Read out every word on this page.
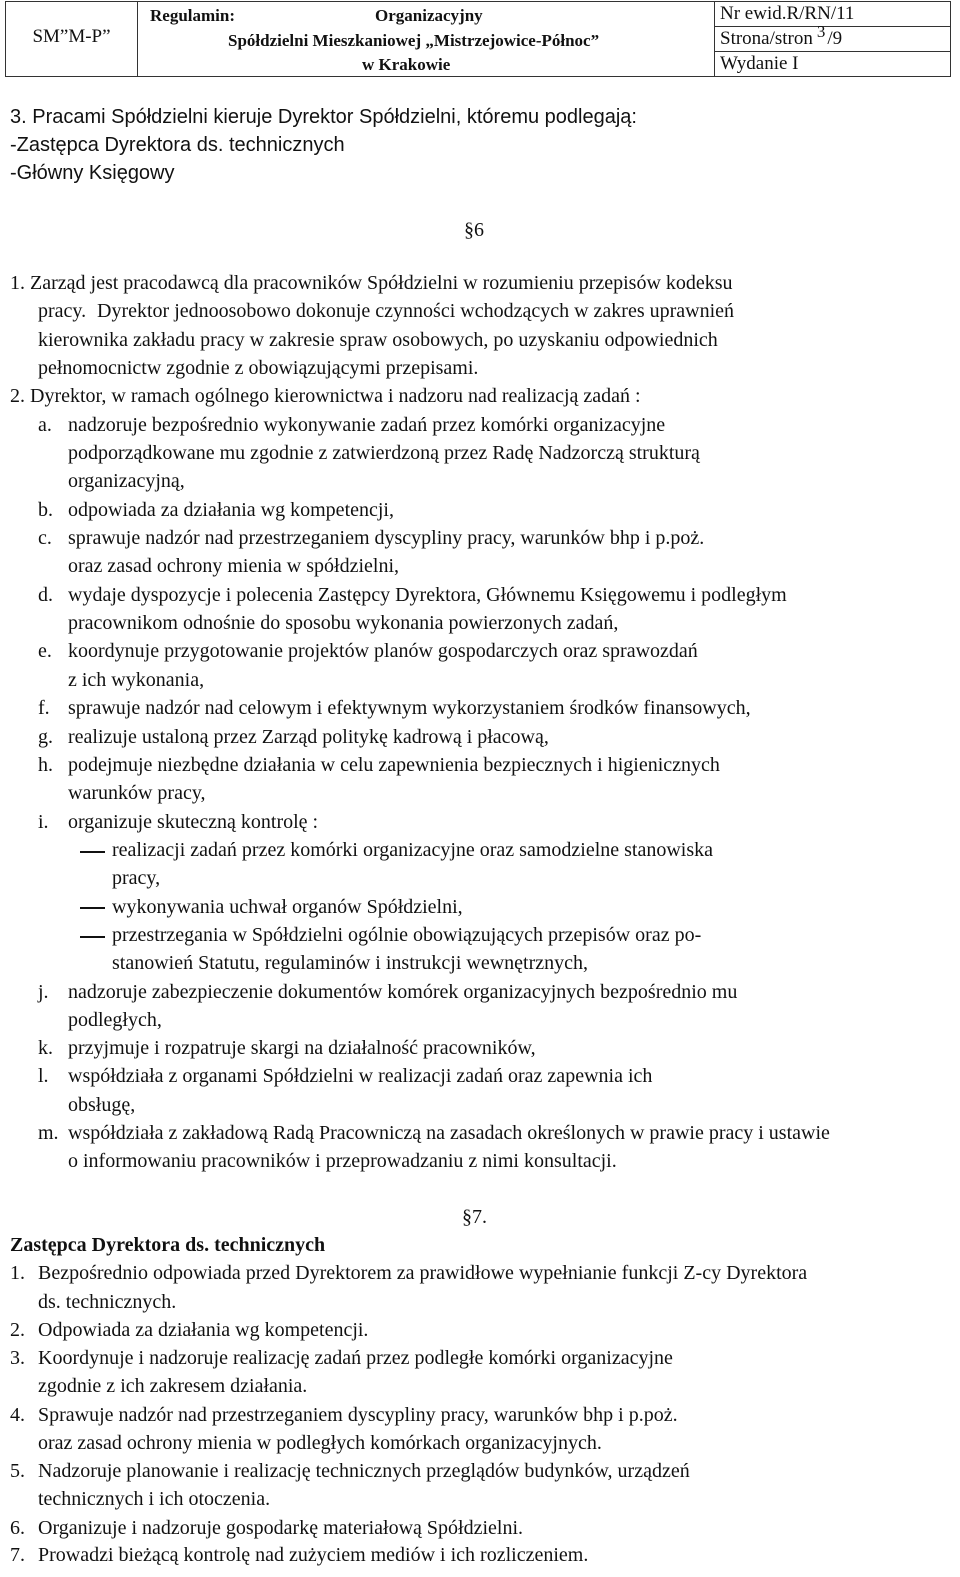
SM”M-P”
Regulamin:	Organizacyjny
Spółdzielni Mieszkaniowej „Mistrzejowice-Północ”
w Krakowie
Nr ewid.R/RN/11
Strona/stron 3 /9
Wydanie I
3. Pracami Spółdzielni kieruje Dyrektor Spółdzielni, któremu podlegają:
-Zastępca Dyrektora ds. technicznych
-Główny Księgowy
§6
1. Zarząd jest pracodawcą dla pracowników Spółdzielni w rozumieniu przepisów kodeksu
pracy. Dyrektor jednoosobowo dokonuje czynności wchodzących w zakres uprawnień
kierownika zakładu pracy w zakresie spraw osobowych, po uzyskaniu odpowiednich
pełnomocnictw zgodnie z obowiązującymi przepisami.
2. Dyrektor, w ramach ogólnego kierownictwa i nadzoru nad realizacją zadań :
a. nadzoruje bezpośrednio wykonywanie zadań przez komórki organizacyjne
podporządkowane mu zgodnie z zatwierdzoną przez Radę Nadzorczą strukturą
organizacyjną,
b. odpowiada za działania wg kompetencji,
c. sprawuje nadzór nad przestrzeganiem dyscypliny pracy, warunków bhp i p.poż.
oraz zasad ochrony mienia w spółdzielni,
d. wydaje dyspozycje i polecenia Zastępcy Dyrektora, Głównemu Księgowemu i podległym
pracownikom odnośnie do sposobu wykonania powierzonych zadań,
e. koordynuje przygotowanie projektów planów gospodarczych oraz sprawozdań
z ich wykonania,
f. sprawuje nadzór nad celowym i efektywnym wykorzystaniem środków finansowych,
g. realizuje ustaloną przez Zarząd politykę kadrową i płacową,
h. podejmuje niezbędne działania w celu zapewnienia bezpiecznych i higienicznych
warunków pracy,
i. organizuje skuteczną kontrolę :
realizacji zadań przez komórki organizacyjne oraz samodzielne stanowiska
pracy,
wykonywania uchwał organów Spółdzielni,
przestrzegania w Spółdzielni ogólnie obowiązujących przepisów oraz po-
stanowień Statutu, regulaminów i instrukcji wewnętrznych,
j. nadzoruje zabezpieczenie dokumentów komórek organizacyjnych bezpośrednio mu
podległych,
k. przyjmuje i rozpatruje skargi na działalność pracowników,
l. współdziała z organami Spółdzielni w realizacji zadań oraz zapewnia ich
obsługę,
m. współdziała z zakładową Radą Pracowniczą na zasadach określonych w prawie pracy i ustawie
o informowaniu pracowników i przeprowadzaniu z nimi konsultacji.
§7.
Zastępca Dyrektora ds. technicznych
1. Bezpośrednio odpowiada przed Dyrektorem za prawidłowe wypełnianie funkcji Z-cy Dyrektora
ds. technicznych.
2. Odpowiada za działania wg kompetencji.
3. Koordynuje i nadzoruje realizację zadań przez podległe komórki organizacyjne
zgodnie z ich zakresem działania.
4. Sprawuje nadzór nad przestrzeganiem dyscypliny pracy, warunków bhp i p.poż.
oraz zasad ochrony mienia w podległych komórkach organizacyjnych.
5. Nadzoruje planowanie i realizację technicznych przeglądów budynków, urządzeń
technicznych i ich otoczenia.
6. Organizuje i nadzoruje gospodarkę materiałową Spółdzielni.
7. Prowadzi bieżącą kontrolę nad zużyciem mediów i ich rozliczeniem.
